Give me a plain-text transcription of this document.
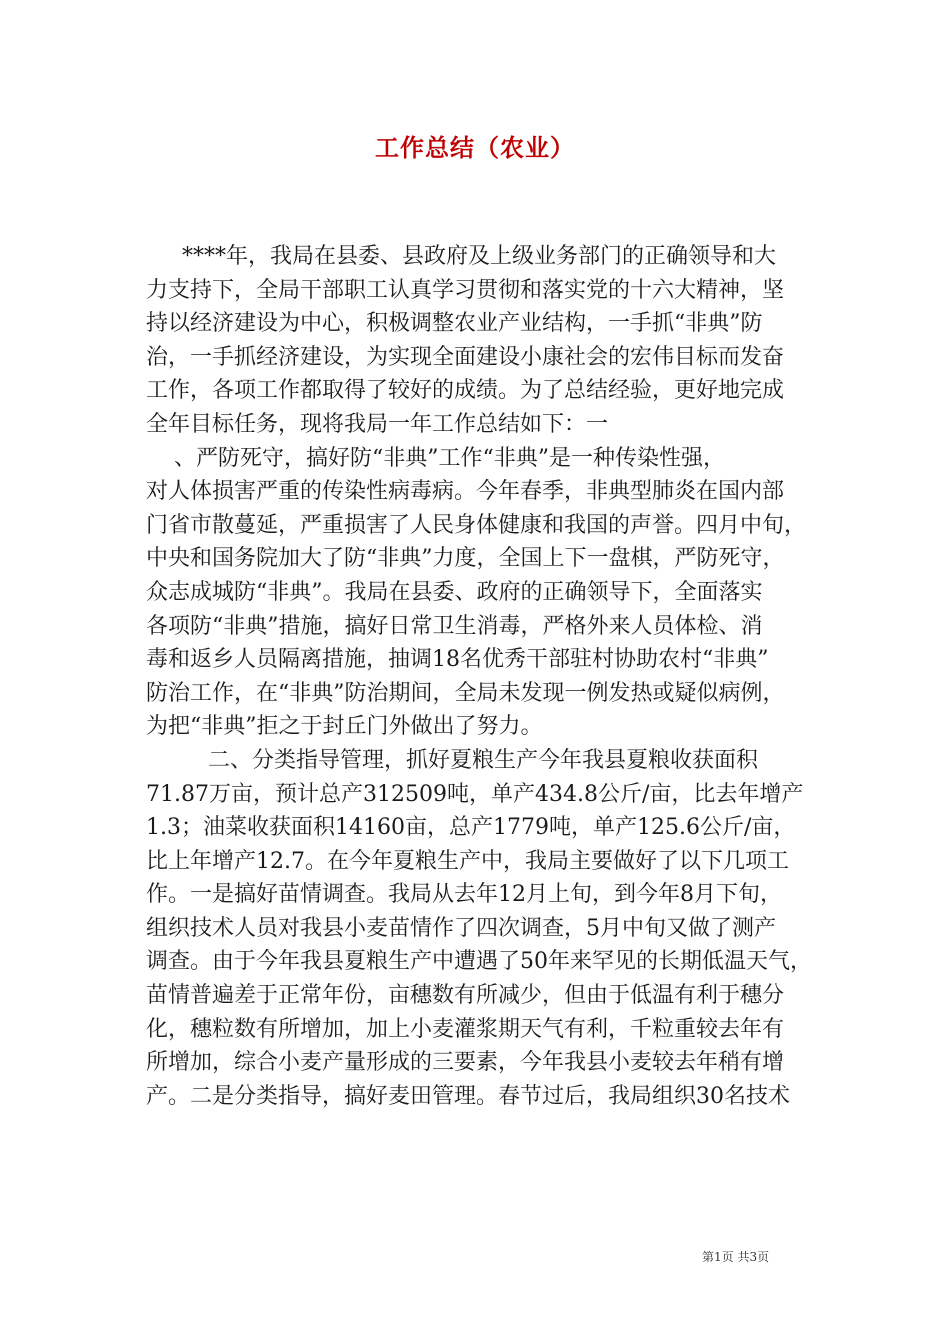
工作总结（农业）
****年，我局在县委、县政府及上级业务部门的正确领导和大
力支持下，全局干部职工认真学习贯彻和落实党的十六大精神，坚
持以经济建设为中心，积极调整农业产业结构，一手抓“非典”防
治，一手抓经济建设，为实现全面建设小康社会的宏伟目标而发奋
工作，各项工作都取得了较好的成绩。为了总结经验，更好地完成
全年目标任务，现将我局一年工作总结如下：一
、严防死守，搞好防“非典”工作“非典”是一种传染性强，
对人体损害严重的传染性病毒病。今年春季，非典型肺炎在国内部
门省市散蔓延，严重损害了人民身体健康和我国的声誉。四月中旬，
中央和国务院加大了防“非典”力度，全国上下一盘棋，严防死守，
众志成城防“非典”。我局在县委、政府的正确领导下，全面落实
各项防“非典”措施，搞好日常卫生消毒，严格外来人员体检、消
毒和返乡人员隔离措施，抽调18名优秀干部驻村协助农村“非典”
防治工作，在“非典”防治期间，全局未发现一例发热或疑似病例，
为把“非典”拒之于封丘门外做出了努力。
二、分类指导管理，抓好夏粮生产今年我县夏粮收获面积
71.87万亩，预计总产312509吨，单产434.8公斤/亩，比去年增产
1.3；油菜收获面积14160亩，总产1779吨，单产125.6公斤/亩，
比上年增产12.7。在今年夏粮生产中，我局主要做好了以下几项工
作。一是搞好苗情调查。我局从去年12月上旬，到今年8月下旬，
组织技术人员对我县小麦苗情作了四次调查，5月中旬又做了测产
调查。由于今年我县夏粮生产中遭遇了50年来罕见的长期低温天气，
苗情普遍差于正常年份，亩穗数有所减少，但由于低温有利于穗分
化，穗粒数有所增加，加上小麦灌浆期天气有利，千粒重较去年有
所增加，综合小麦产量形成的三要素，今年我县小麦较去年稍有增
产。二是分类指导，搞好麦田管理。春节过后，我局组织30名技术
第1页 共3页
